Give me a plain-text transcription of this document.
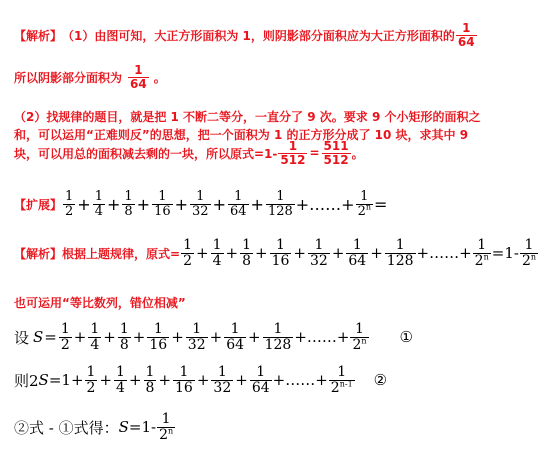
【解析】 （1）由图可知，大正方形面积为 1，则阴影部分面积应为大正方形面积的 $\frac{1}{64}$
所以阴影部分面积为 $\frac{1}{64}$ 。
（2）找规律的题目，就是把 1 不断二等分，一直分了 9 次。要求 9 个小矩形的面积之
和，可以运用“正难则反”的思想，把一个面积为 1 的正方形分成了 10 块，求其中 9
块，可以用总的面积减去剩的一块，所以原式$=1- \frac{1}{512} = \frac{511}{512}$ 。
【扩展】 $\frac{1}{2} + \frac{1}{4} + \frac{1}{8} + \frac{1}{16} + \frac{1}{32} + \frac{1}{64} + \frac{1}{128}$ +……+ $\frac{1}{2^n}$ =
【解析】 根据上题规律，原式= $\frac{1}{2} + \frac{1}{4} + \frac{1}{8} + \frac{1}{16} + \frac{1}{32} + \frac{1}{64} + \frac{1}{128}$ +……+ $\frac{1}{2^n} =1- \frac{1}{2^n}$
也可运用“等比数列，错位相减”
设 $S = \frac{1}{2} + \frac{1}{4} + \frac{1}{8} + \frac{1}{16} + \frac{1}{32} + \frac{1}{64} + \frac{1}{128}$ +……+ $\frac{1}{2^n}$ ①
则2 $S =1+ \frac{1}{2} + \frac{1}{4} + \frac{1}{8} + \frac{1}{16} + \frac{1}{32} + \frac{1}{64}$ +……+ $\frac{1}{2^{n-1}}$ ②
②式 - ①式得： $S =1- \frac{1}{2^n}$
